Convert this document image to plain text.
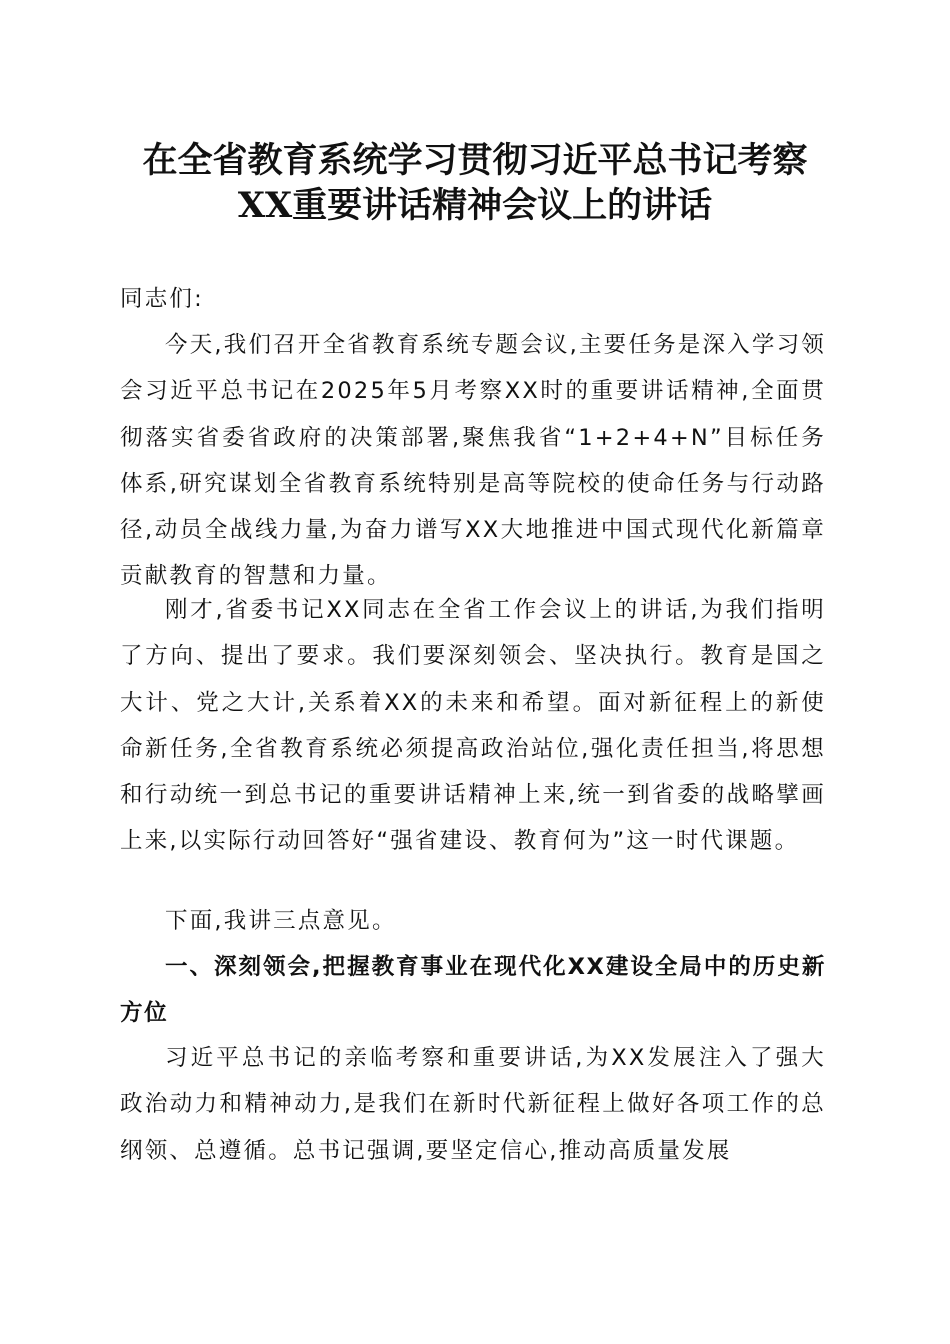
在全省教育系统学习贯彻习近平总书记考察
XX重要讲话精神会议上的讲话
同志们:

今天,我们召开全省教育系统专题会议,主要任务是深入学习领会习近平总书记在2025年5月考察XX时的重要讲话精神,全面贯彻落实省委省政府的决策部署,聚焦我省“1+2+4+N”目标任务体系,研究谋划全省教育系统特别是高等院校的使命任务与行动路径,动员全战线力量,为奋力谱写XX大地推进中国式现代化新篇章贡献教育的智慧和力量。

刚才,省委书记XX同志在全省工作会议上的讲话,为我们指明了方向、提出了要求。我们要深刻领会、坚决执行。教育是国之大计、党之大计,关系着XX的未来和希望。面对新征程上的新使命新任务,全省教育系统必须提高政治站位,强化责任担当,将思想和行动统一到总书记的重要讲话精神上来,统一到省委的战略擘画上来,以实际行动回答好“强省建设、教育何为”这一时代课题。

下面,我讲三点意见。

一、深刻领会,把握教育事业在现代化XX建设全局中的历史新方位

习近平总书记的亲临考察和重要讲话,为XX发展注入了强大政治动力和精神动力,是我们在新时代新征程上做好各项工作的总纲领、总遵循。总书记强调,要坚定信心,推动高质量发展
